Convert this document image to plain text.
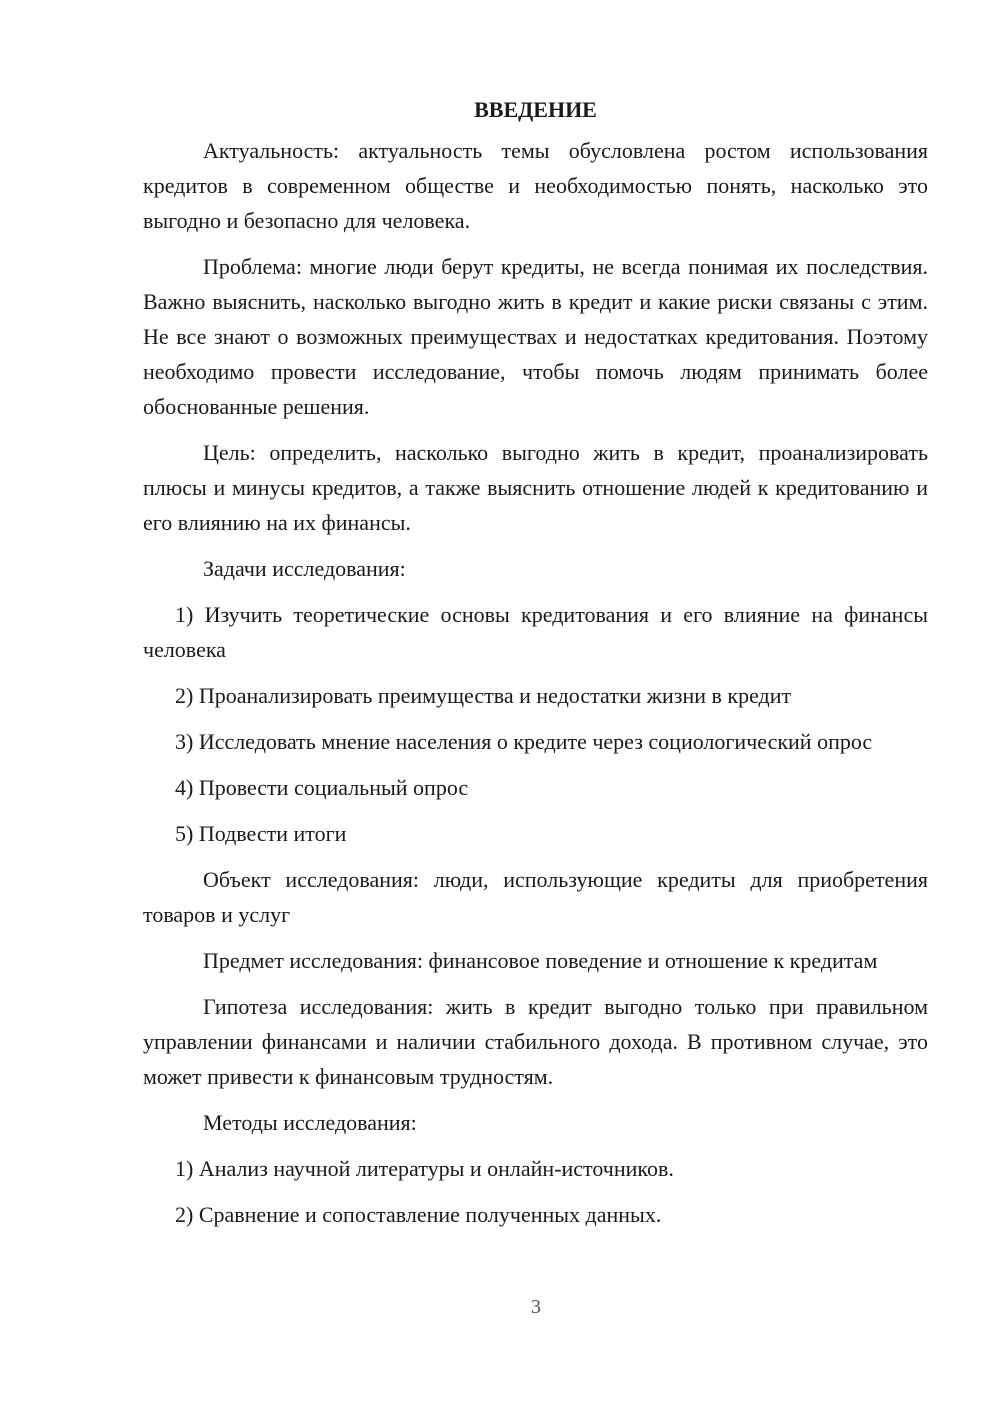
ВВЕДЕНИЕ

Актуальность: актуальность темы обусловлена ростом использования кредитов в современном обществе и необходимостью понять, насколько это выгодно и безопасно для человека.

Проблема: многие люди берут кредиты, не всегда понимая их последствия. Важно выяснить, насколько выгодно жить в кредит и какие риски связаны с этим. Не все знают о возможных преимуществах и недостатках кредитования. Поэтому необходимо провести исследование, чтобы помочь людям принимать более обоснованные решения.

Цель: определить, насколько выгодно жить в кредит, проанализировать плюсы и минусы кредитов, а также выяснить отношение людей к кредитованию и его влиянию на их финансы.

Задачи исследования:

1) Изучить теоретические основы кредитования и его влияние на финансы человека

2) Проанализировать преимущества и недостатки жизни в кредит

3) Исследовать мнение населения о кредите через социологический опрос

4) Провести социальный опрос

5) Подвести итоги

Объект исследования: люди, использующие кредиты для приобретения товаров и услуг

Предмет исследования: финансовое поведение и отношение к кредитам

Гипотеза исследования: жить в кредит выгодно только при правильном управлении финансами и наличии стабильного дохода. В противном случае, это может привести к финансовым трудностям.

Методы исследования:

1) Анализ научной литературы и онлайн-источников.

2) Сравнение и сопоставление полученных данных.

3
